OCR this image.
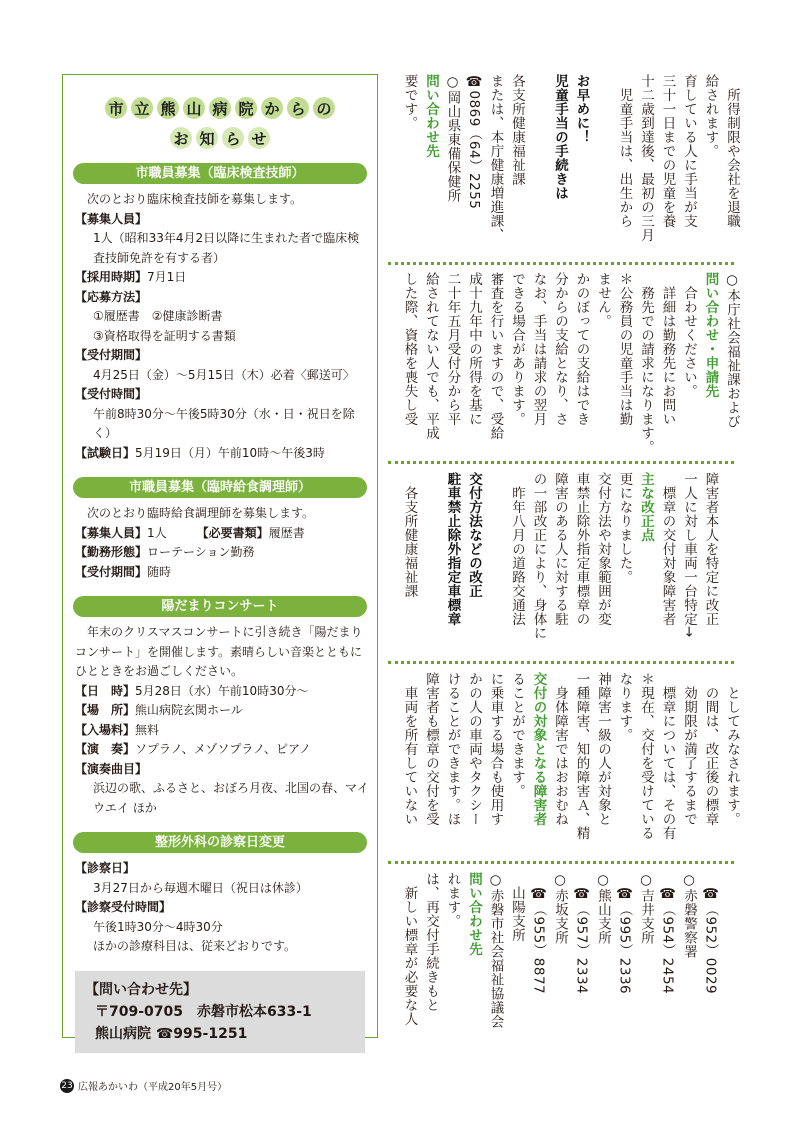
市 立 熊 山 病 院 か ら の
お 知 ら せ
市職員募集（臨床検査技師）
次のとおり臨床検査技師を募集します。
【募集人員】
1人（昭和33年4月2日以降に生まれた者で臨床検査技師免許を有する者）
【採用時期】7月1日
【応募方法】
①履歴書　②健康診断書
③資格取得を証明する書類
【受付期間】
4月25日（金）～5月15日（木）必着〈郵送可〉
【受付時間】
午前8時30分～午後5時30分（水・日・祝日を除く）
【試験日】5月19日（月）午前10時～午後3時
市職員募集（臨時給食調理師）
次のとおり臨時給食調理師を募集します。
【募集人員】1人　　　	【必要書類】履歴書
【勤務形態】ローテーション勤務
【受付期間】随時
陽だまりコンサート
年末のクリスマスコンサートに引き続き「陽だまりコンサート」を開催します。素晴らしい音楽とともにひとときをお過ごしください。
【日　時】5月28日（水）午前10時30分～
【場　所】熊山病院玄関ホール
【入場料】無料
【演　奏】ソプラノ、メゾソプラノ、ピアノ
【演奏曲目】
浜辺の歌、ふるさと、おぼろ月夜、北国の春、マイウエイ ほか
整形外科の診察日変更
【診察日】
3月27日から毎週木曜日（祝日は休診）
【診察受付時間】
午後1時30分～4時30分
ほかの診療科目は、従来どおりです。
【問い合わせ先】
〒709-0705　赤磐市松本633-1
熊山病院 ☎995-1251
　所得制限や会社を退職
給されます。
育している人に手当が支
三十一日までの児童を養
十二歳到達後、最初の三月
　児童手当は、出生から

お早めに！
児童手当の手続きは

各支所健康福祉課
または、本庁健康増進課、
☎0869（64）2255
○岡山県東備保健所
問い合わせ先
要です。
○本庁社会福祉課および
問い合わせ・申請先
　合わせください。
　詳細は勤務先にお問い
　務先での請求になります。
＊公務員の児童手当は勤
ません。
かのぼっての支給はでき
分からの支給となり、さ
なお、手当は請求の翌月
できる場合があります。
審査を行いますので、受給
成十九年中の所得を基に
二十年五月受付分から平
給されてない人でも、平成
した際、資格を喪失し受
障害者本人を特定に改正
一人に対し車両一台特定→
　標章の交付対象障害者
主な改正点
更になりました。
交付方法や対象範囲が変
車禁止除外指定車標章の
障害のある人に対する駐
の一部改正により、身体に
　昨年八月の道路交通法

交付方法などの改正
駐車禁止除外指定車標章

　各支所健康福祉課
　としてみなされます。
　の間は、改正後の標章
　効期限が満了するまで
　標章については、その有
＊現在、交付を受けている
なります。
神障害一級の人が対象と
一種障害、知的障害Ａ、精
　身体障害ではおおむね
交付の対象となる障害者
ることができます。
に乗車する場合も使用す
かの人の車両やタクシー
けることができます。ほ
障害者も標章の交付を受
　車両を所有していない
　☎（952）0029
○赤磐警察署
　☎（954）2454
○吉井支所
　☎（995）2336
○熊山支所
　☎（957）2334
○赤坂支所
　☎（955）8877
　山陽支所
○赤磐市社会福祉協議会
問い合わせ先
れます。
は、再交付手続きもと
　新しい標章が必要な人
23 広報あかいわ（平成20年5月号）
